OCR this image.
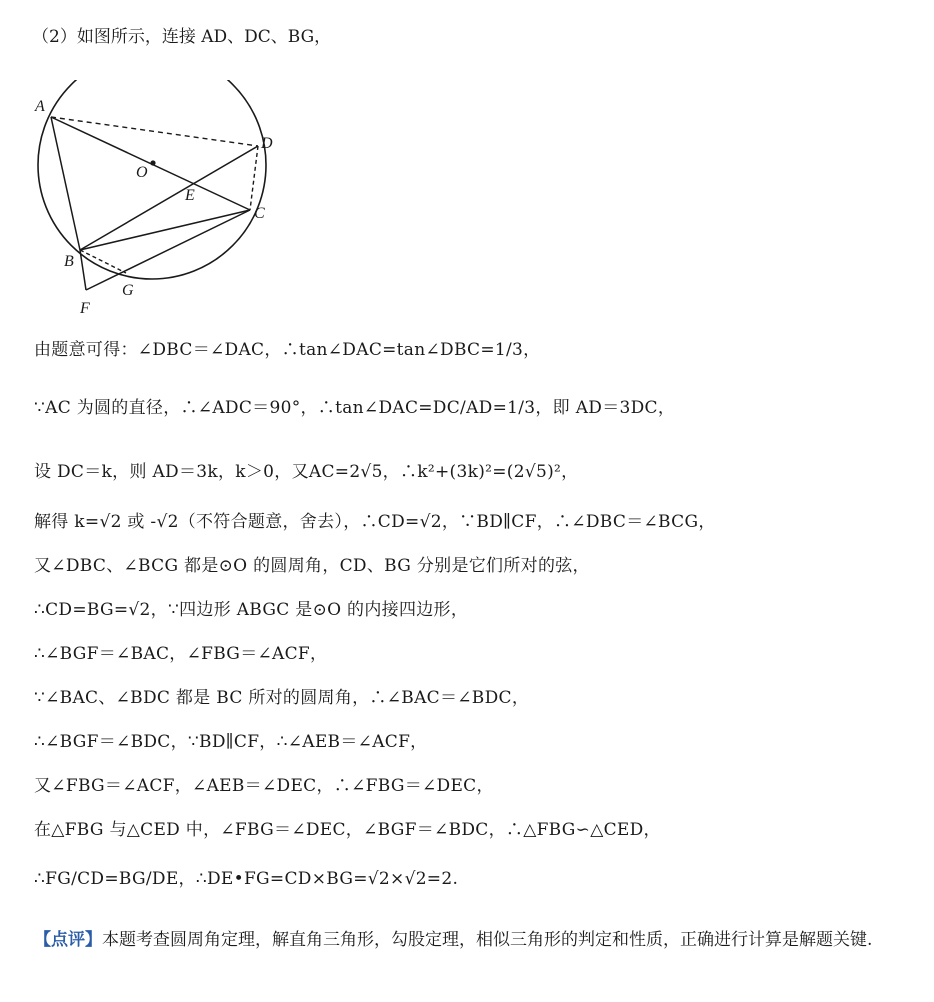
（2）如图所示，连接 AD、DC、BG，
A
D
O
E
C
B
G
F
由题意可得：∠DBC＝∠DAC，∴tan∠DAC=tan∠DBC=1/3，
∵AC 为圆的直径，∴∠ADC＝90°，∴tan∠DAC=DC/AD=1/3，即 AD＝3DC，
设 DC＝k，则 AD＝3k，k＞0，又AC=2√5，∴k²+(3k)²=(2√5)²，
解得 k=√2 或 -√2（不符合题意，舍去），∴CD=√2，∵BD∥CF，∴∠DBC＝∠BCG，
又∠DBC、∠BCG 都是⊙O 的圆周角，CD、BG 分别是它们所对的弦，
∴CD=BG=√2，∵四边形 ABGC 是⊙O 的内接四边形，
∴∠BGF＝∠BAC，∠FBG＝∠ACF，
∵∠BAC、∠BDC 都是 BC 所对的圆周角，∴∠BAC＝∠BDC，
∴∠BGF＝∠BDC，∵BD∥CF，∴∠AEB＝∠ACF，
又∠FBG＝∠ACF，∠AEB＝∠DEC，∴∠FBG＝∠DEC，
在△FBG 与△CED 中，∠FBG＝∠DEC，∠BGF＝∠BDC，∴△FBG∽△CED，
∴FG/CD=BG/DE，∴DE•FG=CD×BG=√2×√2=2.
【点评】本题考查圆周角定理，解直角三角形，勾股定理，相似三角形的判定和性质，正确进行计算是解题关键.
